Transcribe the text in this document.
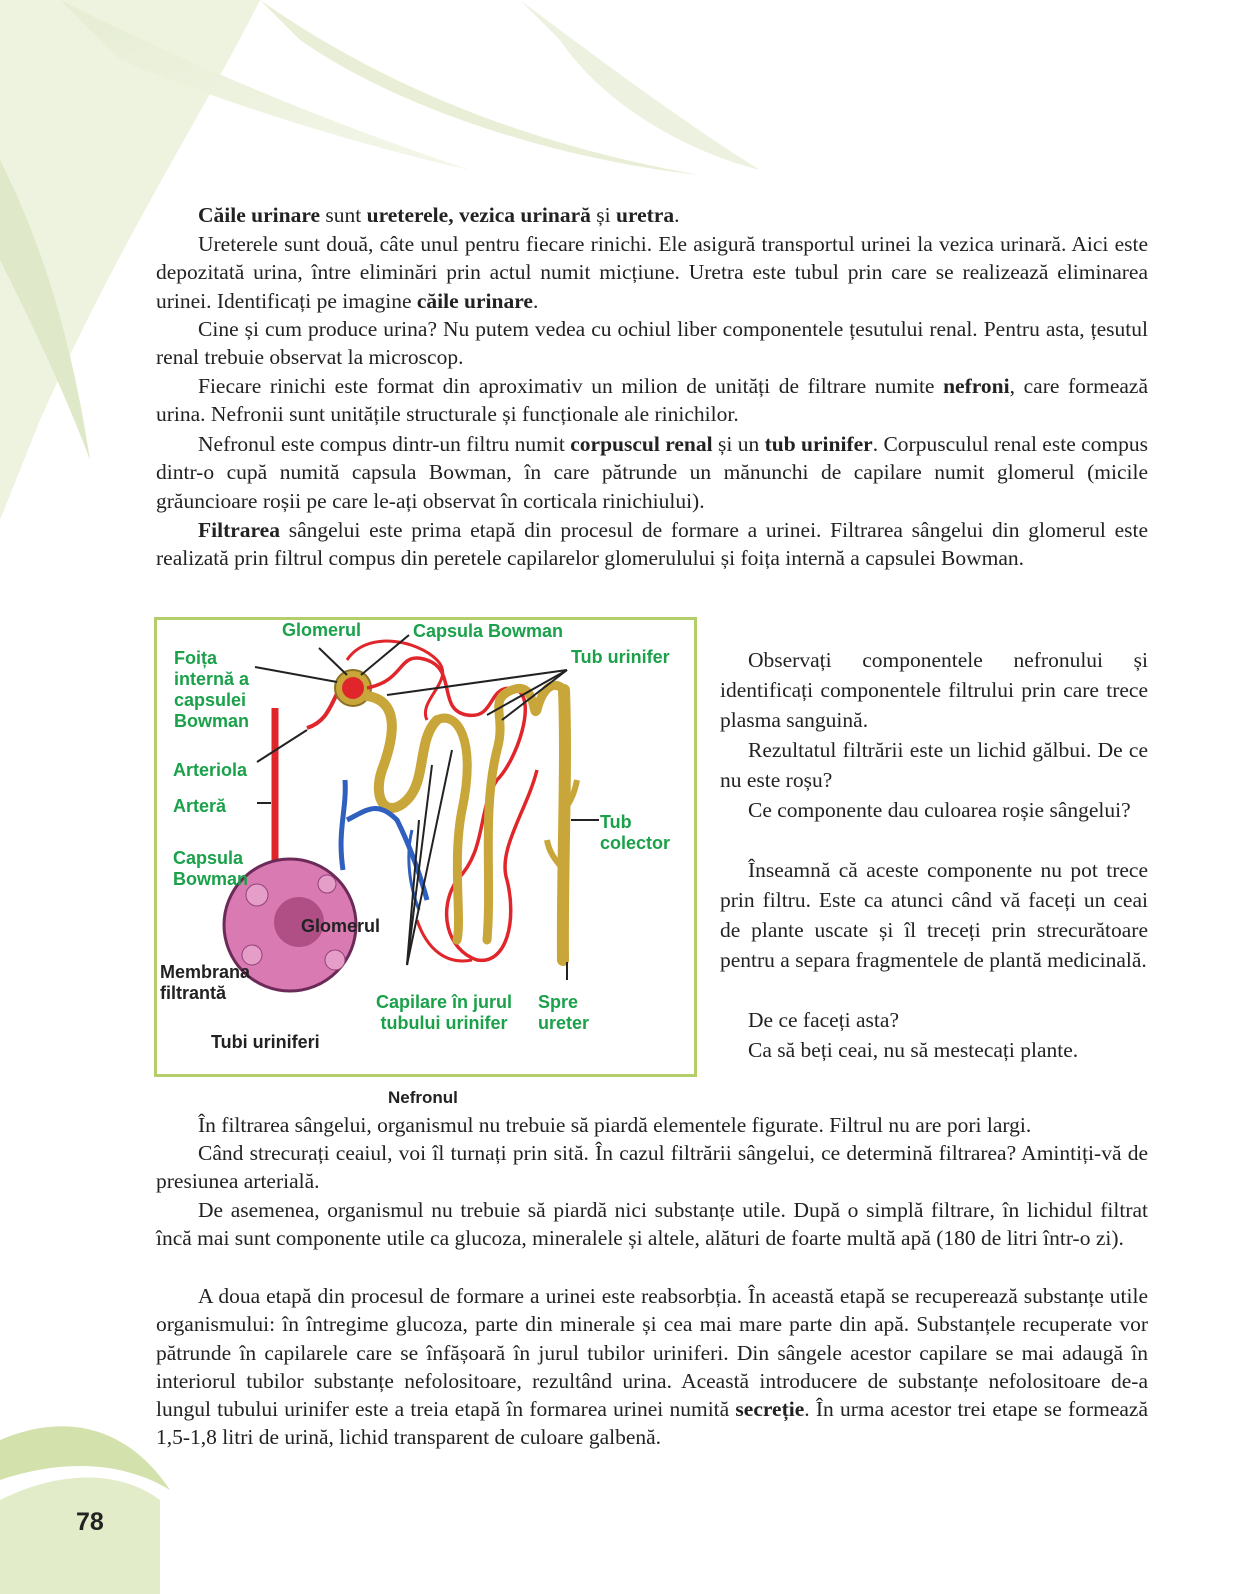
Căile urinare sunt ureterele, vezica urinară și uretra.

Ureterele sunt două, câte unul pentru fiecare rinichi. Ele asigură transportul urinei la vezica urinară. Aici este depozitată urina, între eliminări prin actul numit micțiune. Uretra este tubul prin care se realizează eliminarea urinei. Identificați pe imagine căile urinare.

Cine și cum produce urina? Nu putem vedea cu ochiul liber componentele țesutului renal. Pentru asta, țesutul renal trebuie observat la microscop.

Fiecare rinichi este format din aproximativ un milion de unități de filtrare numite nefroni, care formează urina. Nefronii sunt unitățile structurale și funcționale ale rinichilor.

Nefronul este compus dintr-un filtru numit corpuscul renal și un tub urinifer. Corpusculul renal este compus dintr-o cupă numită capsula Bowman, în care pătrunde un mănunchi de capilare numit glomerul (micile grăuncioare roșii pe care le-ați observat în corticala rinichiului).

Filtrarea sângelui este prima etapă din procesul de formare a urinei. Filtrarea sângelui din glomerul este realizată prin filtrul compus din peretele capilarelor glomerulului și foița internă a capsulei Bowman.

Glomerul	Capsula Bowman
Foița
internă a
capsulei
Bowman
Tub urinifer
Arteriola
Arteră
Tub
colector
Capsula
Bowman
Glomerul
Membrana
filtrantă	Capilare în jurul
tubului urinifer
Spre
ureter
Tubi uriniferi
Nefronul

Observați componentele nefronului și identificați componentele filtrului prin care trece plasma sanguină.

Rezultatul filtrării este un lichid gălbui. De ce nu este roșu?

Ce componente dau culoarea roșie sângelui?

Înseamnă că aceste componente nu pot trece prin filtru. Este ca atunci când vă faceți un ceai de plante uscate și îl treceți prin strecurătoare pentru a separa fragmentele de plantă medicinală.

De ce faceți asta?

Ca să beți ceai, nu să mestecați plante.

În filtrarea sângelui, organismul nu trebuie să piardă elementele figurate. Filtrul nu are pori largi.

Când strecurați ceaiul, voi îl turnați prin sită. În cazul filtrării sângelui, ce determină filtrarea? Amintiți-vă de presiunea arterială.

De asemenea, organismul nu trebuie să piardă nici substanțe utile. După o simplă filtrare, în lichidul filtrat încă mai sunt componente utile ca glucoza, mineralele și altele, alături de foarte multă apă (180 de litri într-o zi).

A doua etapă din procesul de formare a urinei este reabsorbția. În această etapă se recuperează substanțe utile organismului: în întregime glucoza, parte din minerale și cea mai mare parte din apă. Substanțele recuperate vor pătrunde în capilarele care se înfășoară în jurul tubilor uriniferi. Din sângele acestor capilare se mai adaugă în interiorul tubilor substanțe nefolositoare, rezultând urina. Această introducere de substanțe nefolositoare de-a lungul tubului urinifer este a treia etapă în formarea urinei numită secreție. În urma acestor trei etape se formează 1,5-1,8 litri de urină, lichid transparent de culoare galbenă.

78
